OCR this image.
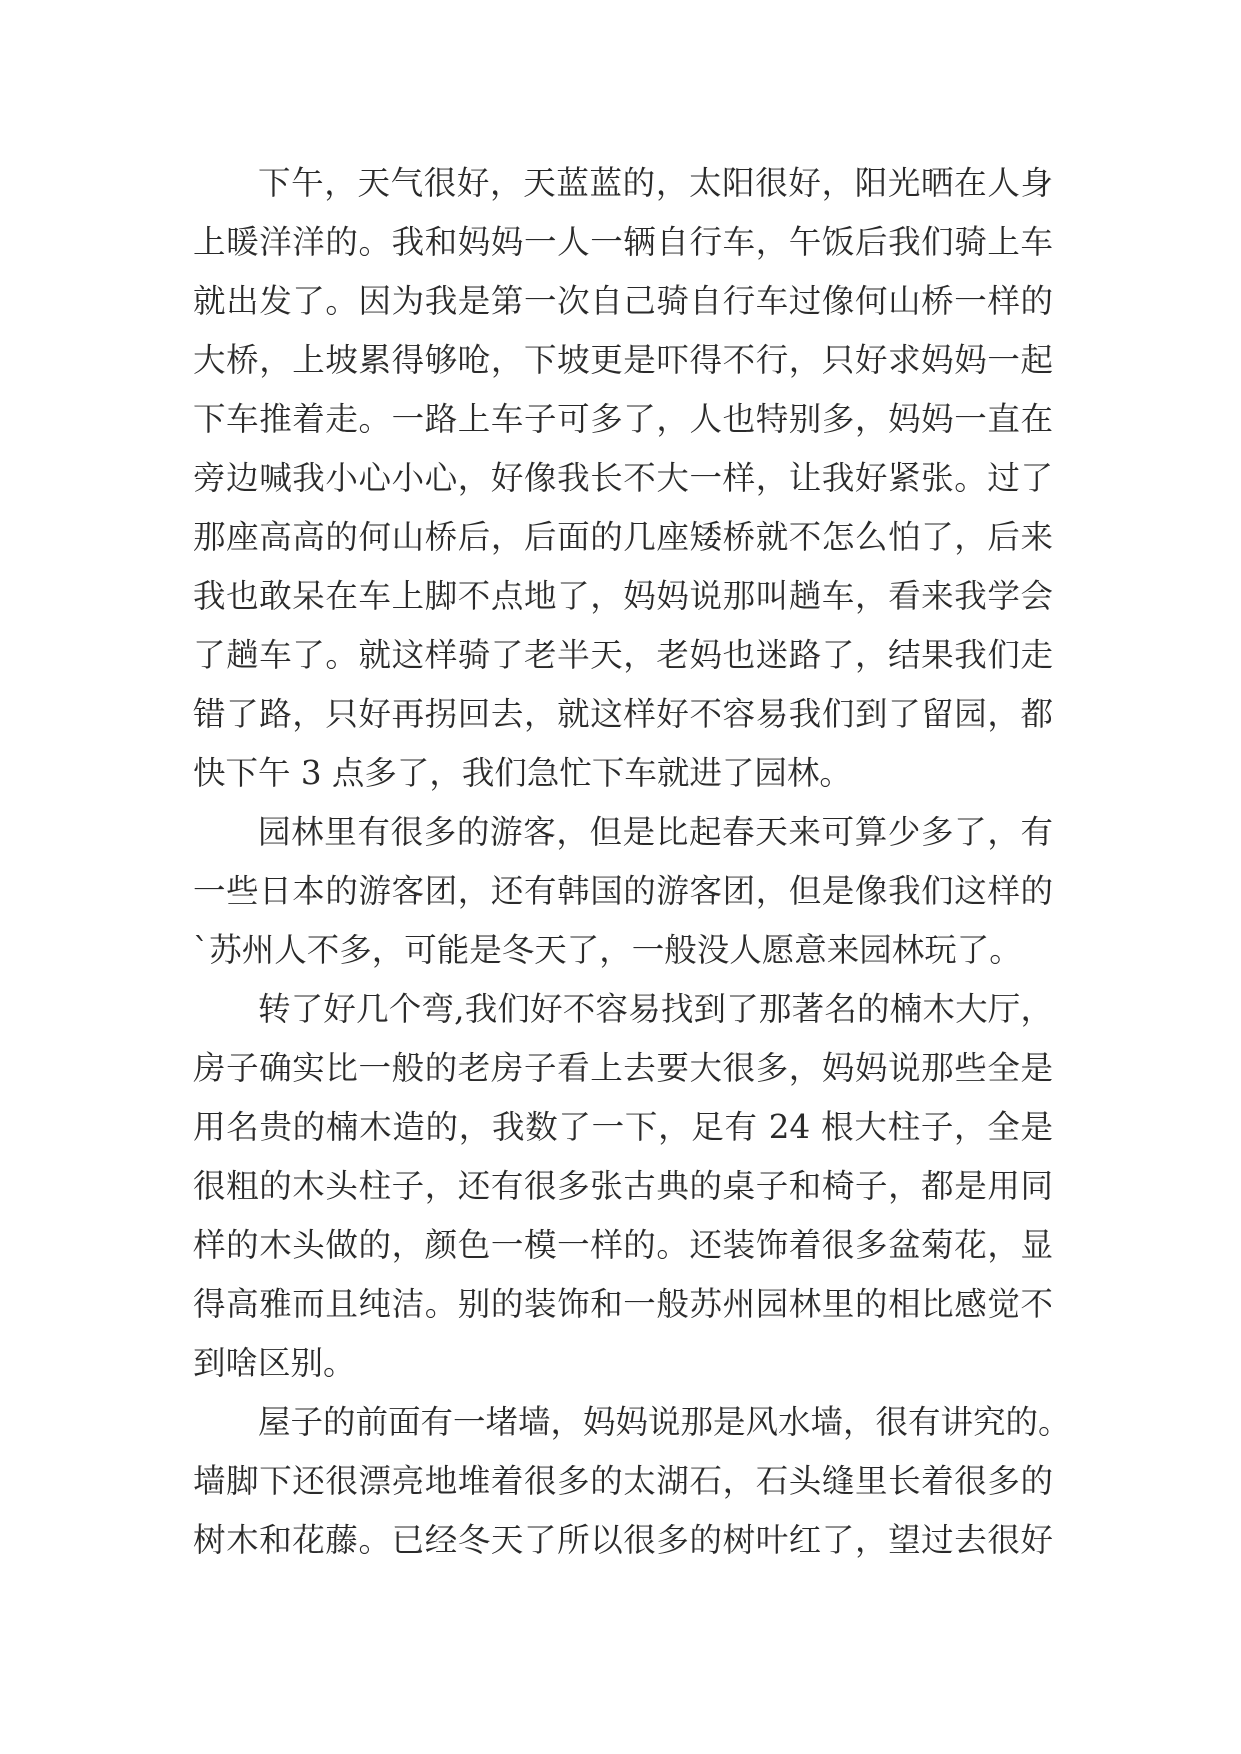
下午，天气很好，天蓝蓝的，太阳很好，阳光晒在人身
上暖洋洋的。我和妈妈一人一辆自行车，午饭后我们骑上车
就出发了。因为我是第一次自己骑自行车过像何山桥一样的
大桥，上坡累得够呛，下坡更是吓得不行，只好求妈妈一起
下车推着走。一路上车子可多了，人也特别多，妈妈一直在
旁边喊我小心小心，好像我长不大一样，让我好紧张。过了
那座高高的何山桥后，后面的几座矮桥就不怎么怕了，后来
我也敢呆在车上脚不点地了，妈妈说那叫趟车，看来我学会
了趟车了。就这样骑了老半天，老妈也迷路了，结果我们走
错了路，只好再拐回去，就这样好不容易我们到了留园，都
快下午 3 点多了，我们急忙下车就进了园林。
园林里有很多的游客，但是比起春天来可算少多了，有
一些日本的游客团，还有韩国的游客团，但是像我们这样的
`苏州人不多，可能是冬天了，一般没人愿意来园林玩了。
转了好几个弯,我们好不容易找到了那著名的楠木大厅，
房子确实比一般的老房子看上去要大很多，妈妈说那些全是
用名贵的楠木造的，我数了一下，足有 24 根大柱子，全是
很粗的木头柱子，还有很多张古典的桌子和椅子，都是用同
样的木头做的，颜色一模一样的。还装饰着很多盆菊花，显
得高雅而且纯洁。别的装饰和一般苏州园林里的相比感觉不
到啥区别。
屋子的前面有一堵墙，妈妈说那是风水墙，很有讲究的。
墙脚下还很漂亮地堆着很多的太湖石，石头缝里长着很多的
树木和花藤。已经冬天了所以很多的树叶红了，望过去很好
